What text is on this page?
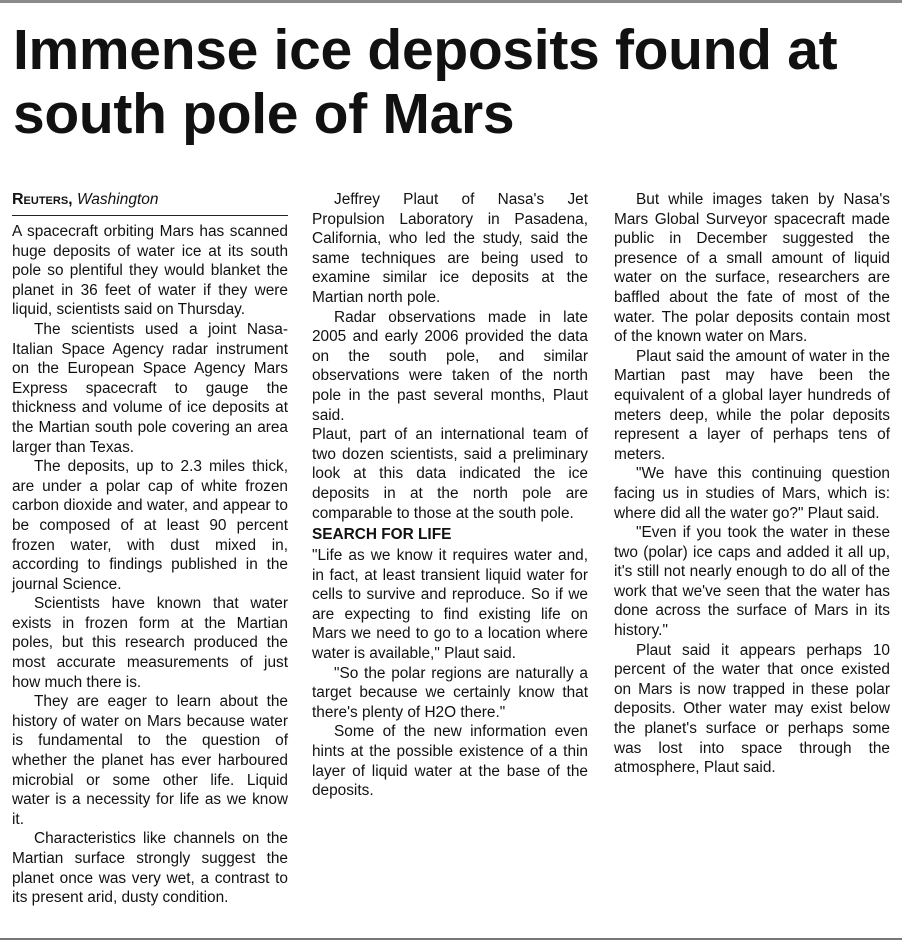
Immense ice deposits found at south pole of Mars
Reuters, Washington

A spacecraft orbiting Mars has scanned huge deposits of water ice at its south pole so plentiful they would blanket the planet in 36 feet of water if they were liquid, scientists said on Thursday.

The scientists used a joint Nasa-Italian Space Agency radar instrument on the European Space Agency Mars Express spacecraft to gauge the thickness and volume of ice deposits at the Martian south pole covering an area larger than Texas.

The deposits, up to 2.3 miles thick, are under a polar cap of white frozen carbon dioxide and water, and appear to be composed of at least 90 percent frozen water, with dust mixed in, according to findings published in the journal Science.

Scientists have known that water exists in frozen form at the Martian poles, but this research produced the most accurate measurements of just how much there is.

They are eager to learn about the history of water on Mars because water is fundamental to the question of whether the planet has ever harboured microbial or some other life. Liquid water is a necessity for life as we know it.

Characteristics like channels on the Martian surface strongly suggest the planet once was very wet, a contrast to its present arid, dusty condition.

Jeffrey Plaut of Nasa's Jet Propulsion Laboratory in Pasadena, California, who led the study, said the same techniques are being used to examine similar ice deposits at the Martian north pole.

Radar observations made in late 2005 and early 2006 provided the data on the south pole, and similar observations were taken of the north pole in the past several months, Plaut said.

Plaut, part of an international team of two dozen scientists, said a preliminary look at this data indicated the ice deposits in at the north pole are comparable to those at the south pole.

SEARCH FOR LIFE

"Life as we know it requires water and, in fact, at least transient liquid water for cells to survive and reproduce. So if we are expecting to find existing life on Mars we need to go to a location where water is available," Plaut said.

"So the polar regions are naturally a target because we certainly know that there's plenty of H2O there."

Some of the new information even hints at the possible existence of a thin layer of liquid water at the base of the deposits.

But while images taken by Nasa's Mars Global Surveyor spacecraft made public in December suggested the presence of a small amount of liquid water on the surface, researchers are baffled about the fate of most of the water. The polar deposits contain most of the known water on Mars.

Plaut said the amount of water in the Martian past may have been the equivalent of a global layer hundreds of meters deep, while the polar deposits represent a layer of perhaps tens of meters.

"We have this continuing question facing us in studies of Mars, which is: where did all the water go?" Plaut said.

"Even if you took the water in these two (polar) ice caps and added it all up, it's still not nearly enough to do all of the work that we've seen that the water has done across the surface of Mars in its history."

Plaut said it appears perhaps 10 percent of the water that once existed on Mars is now trapped in these polar deposits. Other water may exist below the planet's surface or perhaps some was lost into space through the atmosphere, Plaut said.
